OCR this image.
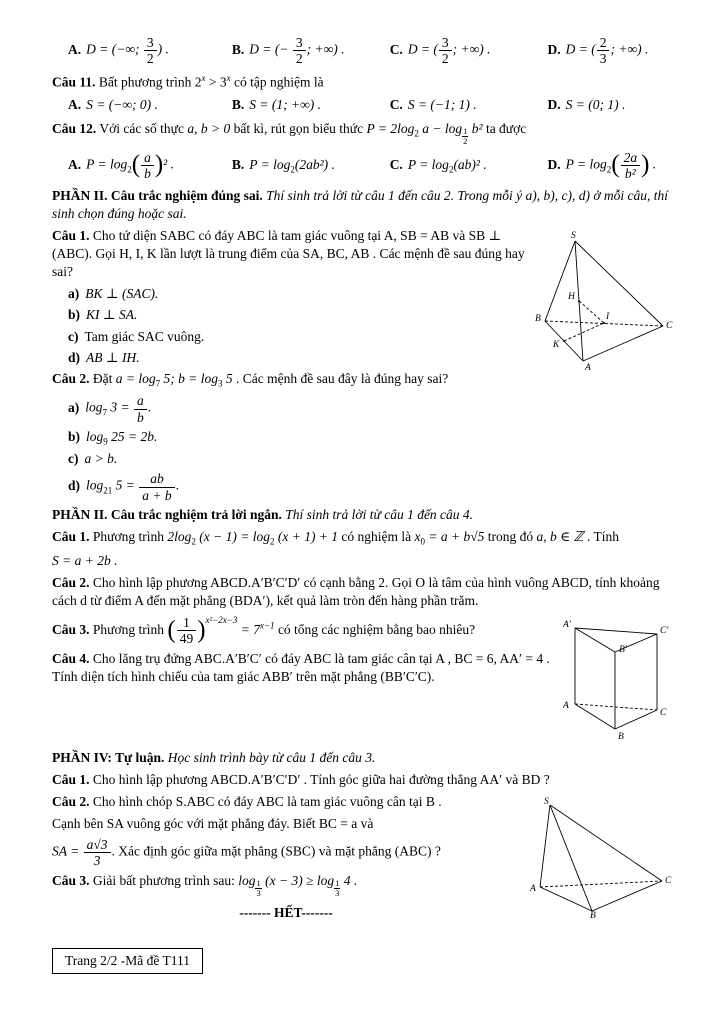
A. D = (−∞; $\frac{3}{2}$ ) .	B. D = (− $\frac{3}{2}$ ; +∞) .	C. D = ( $\frac{3}{2}$ ; +∞) .	D. D = ( $\frac{2}{3}$ ; +∞) .

Câu 11. Bất phương trình $2^x > 3^x$ có tập nghiệm là

A. S = (−∞; 0) .	B. S = (1; +∞) .	C. S = (−1; 1) .	D. S = (0; 1) .

Câu 12. Với các số thực a, b > 0 bất kì, rút gọn biểu thức $P = 2\log_2$ $a - \log \frac{1}{2} b^2$ ta được

A. $P = \log_2( \frac{a}{b} )^2$ .	B. $P = \log_2(2ab^2)$ .	C. $P = \log_2(ab)^2$ .	D. $P = \log_2( \frac{2a}{\text{b²}}$ ) .

PHẦN II. Câu trắc nghiệm đúng sai. Thí sinh trả lời từ câu 1 đến câu 2. Trong mỗi ý a), b), c), d) ở mỗi câu, thí sinh chọn đúng hoặc sai.

S
B
C
A
H
I
K

Câu 1. Cho tứ diện SABC có đáy ABC là tam giác vuông tại A, SB = AB và SB ⊥ (ABC). Gọi H, I, K lần lượt là trung điểm của SA, BC, AB . Các mệnh đề sau đúng hay sai?

a) BK ⊥ (SAC).
b) KI ⊥ SA.
c) Tam giác SAC vuông.
d) AB ⊥ IH.

Câu 2. Đặt $a = \log_7 5$; $b = \log_3 5$ . Các mệnh đề sau đây là đúng hay sai?

a) $\log_7 3 = \frac{a}{b}$ .
b) $\log_9 25 = 2b$.
c) a > b.
d) $\log_{21} 5 = \frac{ab}{a + b}$ .

PHẦN II. Câu trắc nghiệm trả lời ngắn. Thí sinh trả lời từ câu 1 đến câu 4.

Câu 1. Phương trình $2\log_2$ $(x - 1) = \log_2 (x + 1) + 1$ có nghiệm là $x_0 = a + b√5$ trong đó a, b ∈ ℤ . Tính

S = a + 2b .

Câu 2. Cho hình lập phương ABCD.A′B′C′D′ có cạnh bằng 2. Gọi O là tâm của hình vuông ABCD, tính khoảng cách d từ điểm A đến mặt phẳng (BDA′), kết quả làm tròn đến hàng phần trăm.

A′
C′
B′
A
C
B

Câu 3. Phương trình ( $\frac{1}{49} )^{x^2-2x-3} = 7^{x-1}$ có tổng các nghiệm bằng bao nhiêu?

Câu 4. Cho lăng trụ đứng ABC.A′B′C′ có đáy ABC là tam giác cân tại A , BC = 6, AA′ = 4 . Tính diện tích hình chiếu của tam giác ABB′ trên mặt phẳng (BB′C′C).

PHẦN IV: Tự luận. Học sinh trình bày từ câu 1 đến câu 3.

Câu 1. Cho hình lập phương ABCD.A′B′C′D′ . Tính góc giữa hai đường thẳng AA′ và BD ?

S
A
C
B

Câu 2. Cho hình chóp S.ABC có đáy ABC là tam giác vuông cân tại B .

Cạnh bên SA vuông góc với mặt phẳng đáy. Biết BC = a và

SA = $\frac{a√3}{3}$ . Xác định góc giữa mặt phẳng (SBC) và mặt phẳng (ABC) ?

Câu 3. Giải bất phương trình sau: $\log \frac{1}{3} (x - 3) \ge \log \frac{1}{3} 4$ .

------- HẾT-------
Trang 2/2 -Mã đề T111
